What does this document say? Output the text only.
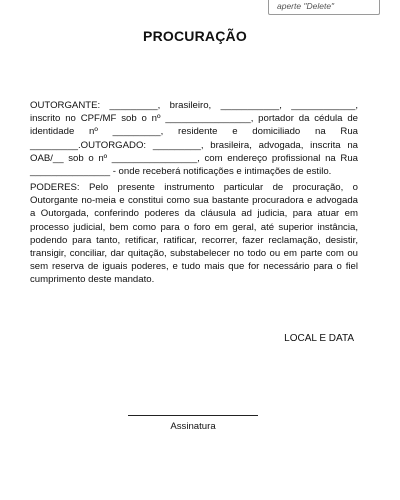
aperte "Delete"
PROCURAÇÃO

OUTORGANTE: _________, brasileiro, ___________, ____________, inscrito no CPF/MF sob o nº ________________, portador da cédula de identidade nº _________, residente e domiciliado na Rua _________.OUTORGADO: _________, brasileira, advogada, inscrita na OAB/__ sob o nº ________________, com endereço profissional na Rua _______________ - onde receberá notificações e intimações de estilo.

PODERES: Pelo presente instrumento particular de procuração, o Outorgante no-meia e constitui como sua bastante procuradora e advogada a Outorgada, conferindo poderes da cláusula ad judicia, para atuar em processo judicial, bem como para o foro em geral, até superior instância, podendo para tanto, retificar, ratificar, recorrer, fazer reclamação, desistir, transigir, conciliar, dar quitação, substabelecer no todo ou em parte com ou sem reserva de iguais poderes, e tudo mais que for necessário para o fiel cumprimento deste mandato.

LOCAL E DATA
Assinatura
